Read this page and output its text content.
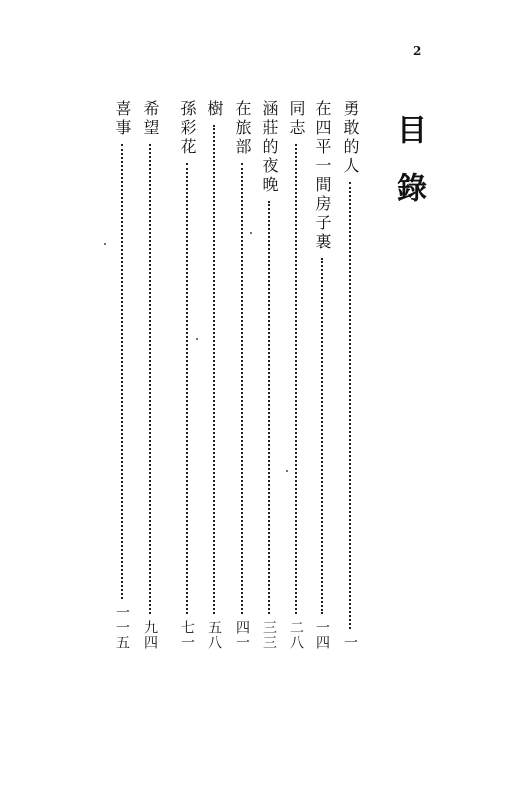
2
目錄
勇敢的人
一
在四平一間房子裏
一四
同志
二八
涵莊的夜晚
三三
在旅部
四一
樹
五八
孫彩花
七一
希望
九四
喜事
一一五
